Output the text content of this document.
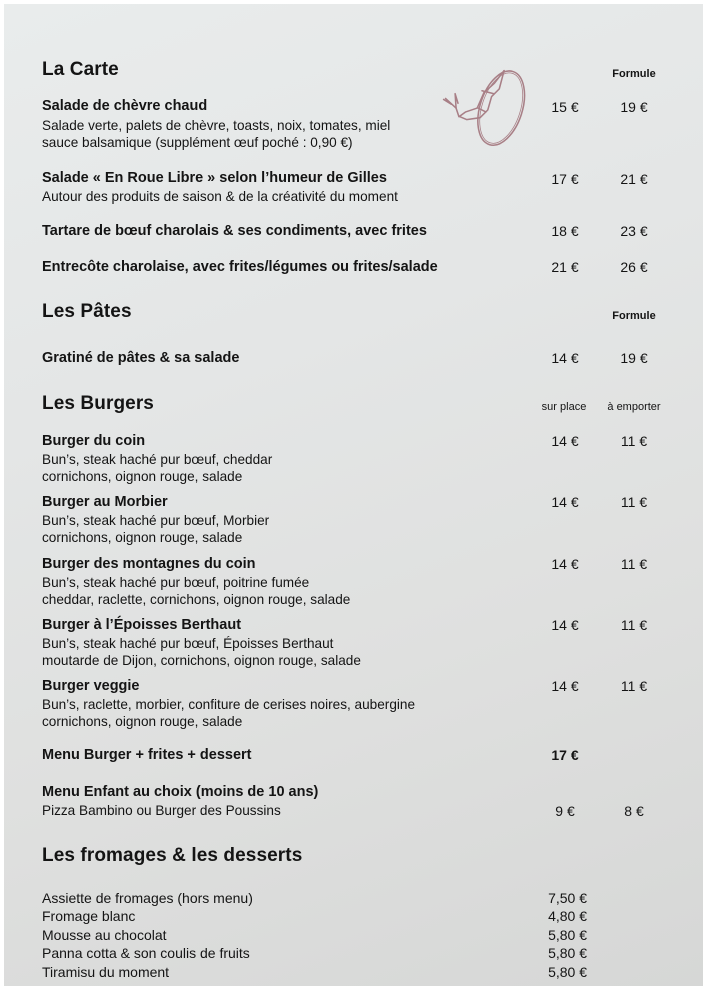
La Carte	Formule
Salade de chèvre chaud
Salade verte, palets de chèvre, toasts, noix, tomates, miel
sauce balsamique (supplément œuf poché : 0,90 €)
15 €	19 €
Salade « En Roue Libre » selon l’humeur de Gilles
Autour des produits de saison & de la créativité du moment
17 €	21 €
Tartare de bœuf charolais & ses condiments, avec frites	18 €	23 €
Entrecôte charolaise, avec frites/légumes ou frites/salade	21 €	26 €
Les Pâtes	Formule
Gratiné de pâtes & sa salade	14 €	19 €
Les Burgers	sur place	à emporter
Burger du coin
Bun’s, steak haché pur bœuf, cheddar
cornichons, oignon rouge, salade
14 €	11 €
Burger au Morbier
Bun’s, steak haché pur bœuf, Morbier
cornichons, oignon rouge, salade
14 €	11 €
Burger des montagnes du coin
Bun’s, steak haché pur bœuf, poitrine fumée
cheddar, raclette, cornichons, oignon rouge, salade
14 €	11 €
Burger à l’Époisses Berthaut
Bun’s, steak haché pur bœuf, Époisses Berthaut
moutarde de Dijon, cornichons, oignon rouge, salade
14 €	11 €
Burger veggie
Bun’s, raclette, morbier, confiture de cerises noires, aubergine
cornichons, oignon rouge, salade
14 €	11 €
Menu Burger + frites + dessert	17 €
Menu Enfant au choix (moins de 10 ans)
Pizza Bambino ou Burger des Poussins	9 €	8 €
Les fromages & les desserts
Assiette de fromages (hors menu)	7,50 €
Fromage blanc	4,80 €
Mousse au chocolat	5,80 €
Panna cotta & son coulis de fruits	5,80 €
Tiramisu du moment	5,80 €
